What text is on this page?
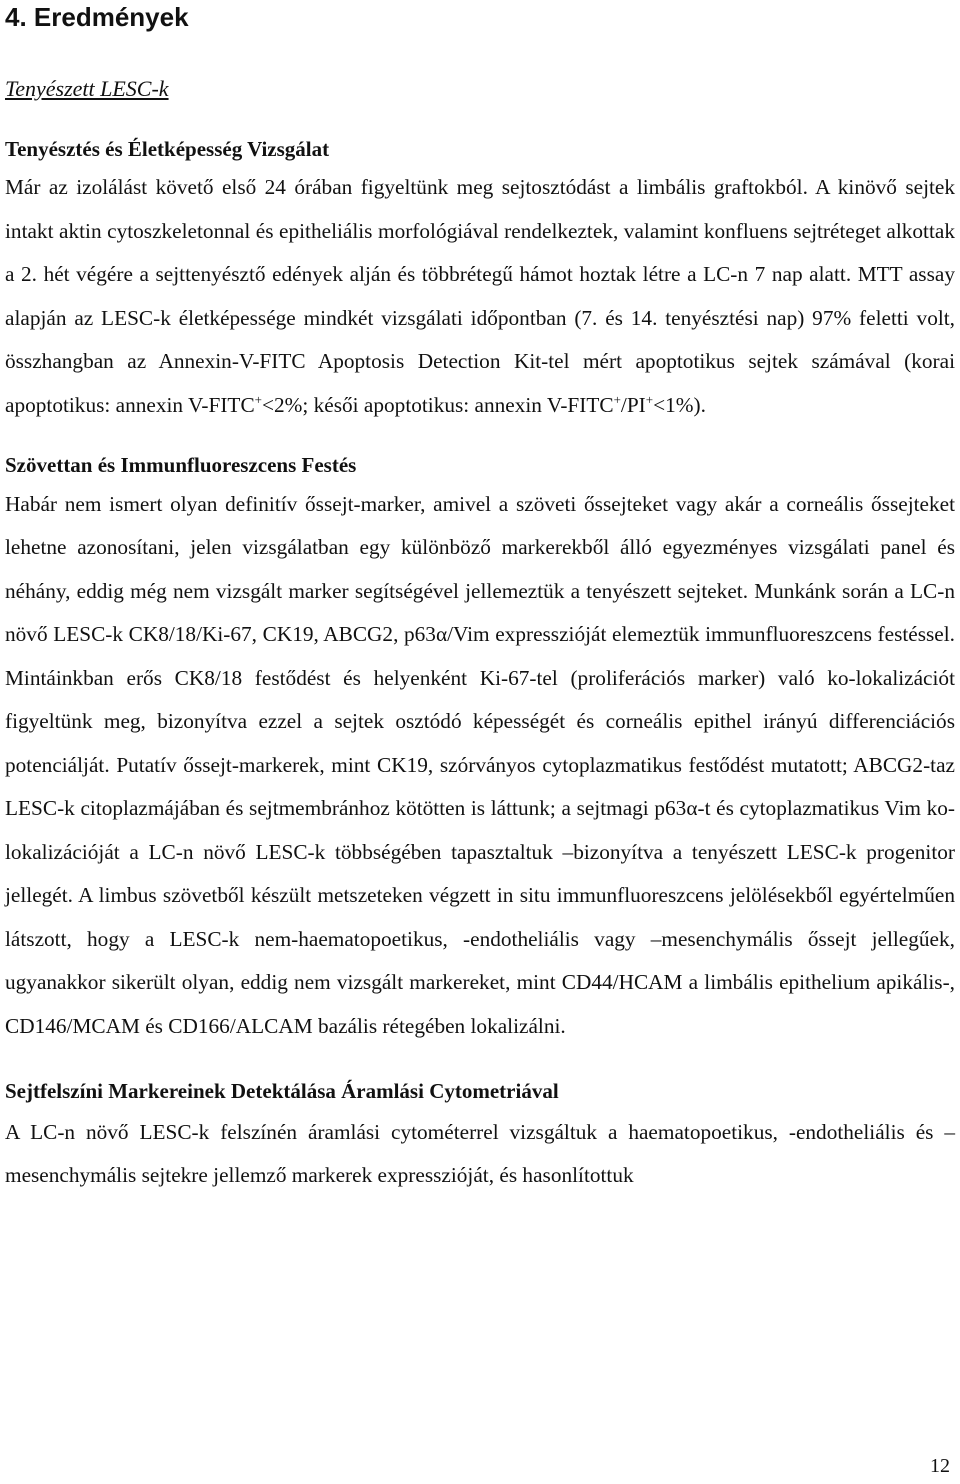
4. Eredmények
Tenyészett LESC-k
Tenyésztés és Életképesség Vizsgálat

Már az izolálást követő első 24 órában figyeltünk meg sejtosztódást a limbális graftokból. A kinövő sejtek intakt aktin cytoszkeletonnal és epitheliális morfológiával rendelkeztek, valamint konfluens sejtréteget alkottak a 2. hét végére a sejttenyésztő edények alján és többrétegű hámot hoztak létre a LC-n 7 nap alatt. MTT assay alapján az LESC-k életképessége mindkét vizsgálati időpontban (7. és 14. tenyésztési nap) 97% feletti volt, összhangban az Annexin-V-FITC Apoptosis Detection Kit-tel mért apoptotikus sejtek számával (korai apoptotikus: annexin V-FITC+<2%; késői apoptotikus: annexin V-FITC+/PI+<1%).

Szövettan és Immunfluoreszcens Festés

Habár nem ismert olyan definitív őssejt-marker, amivel a szöveti őssejteket vagy akár a corneális őssejteket lehetne azonosítani, jelen vizsgálatban egy különböző markerekből álló egyezményes vizsgálati panel és néhány, eddig még nem vizsgált marker segítségével jellemeztük a tenyészett sejteket. Munkánk során a LC-n növő LESC-k CK8/18/Ki-67, CK19, ABCG2, p63α/Vim expresszióját elemeztük immunfluoreszcens festéssel. Mintáinkban erős CK8/18 festődést és helyenként Ki-67-tel (proliferációs marker) való ko-lokalizációt figyeltünk meg, bizonyítva ezzel a sejtek osztódó képességét és corneális epithel irányú differenciációs potenciálját. Putatív őssejt-markerek, mint CK19, szórványos cytoplazmatikus festődést mutatott; ABCG2-taz LESC-k citoplazmájában és sejtmembránhoz kötötten is láttunk; a sejtmagi p63α-t és cytoplazmatikus Vim ko-lokalizációját a LC-n növő LESC-k többségében tapasztaltuk –bizonyítva a tenyészett LESC-k progenitor jellegét. A limbus szövetből készült metszeteken végzett in situ immunfluoreszcens jelölésekből egyértelműen látszott, hogy a LESC-k nem-haematopoetikus, -endotheliális vagy –mesenchymális őssejt jellegűek, ugyanakkor sikerült olyan, eddig nem vizsgált markereket, mint CD44/HCAM a limbális epithelium apikális-, CD146/MCAM és CD166/ALCAM bazális rétegében lokalizálni.

Sejtfelszíni Markereinek Detektálása Áramlási Cytometriával

A LC-n növő LESC-k felszínén áramlási cytométerrel vizsgáltuk a haematopoetikus, -endotheliális és –mesenchymális sejtekre jellemző markerek expresszióját, és hasonlítottuk

12
